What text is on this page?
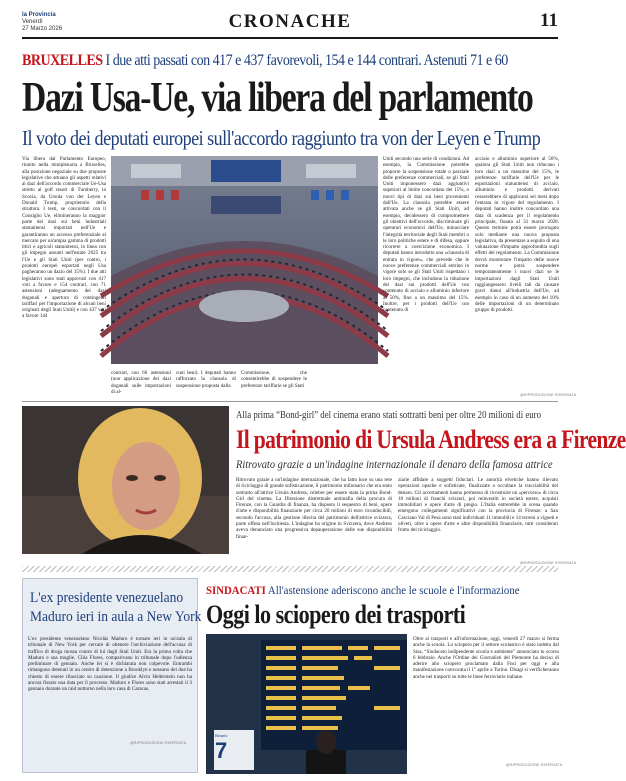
la Provincia
Venerdì
27 Marzo 2026	CRONACHE	11
BRUXELLES I due atti passati con 417 e 437 favorevoli, 154 e 144 contrari. Astenuti 71 e 60
Dazi Usa-Ue, via libera del parlamento
Il voto dei deputati europei sull'accordo raggiunto tra von der Leyen e Trump
Via libera dal Parlamento Europeo, riunito nella miniplenaria a Bruxelles, alla posizione negoziale su due proposte legislative che attuano gli aspetti relativi ai dazi dell'accordo commerciale Ue-Usa stretto al golf resort di Turnberry, in Scozia, da Ursula von der Leyen e Donald Trump, proprietario della struttura. I testi, se concordati con il Consiglio Ue, elimineranno la maggior parte dei dazi sui beni industriali statunitensi importati nell'Ue e garantiranno un accesso preferenziale al mercato per un'ampia gamma di prodotti ittici e agricoli statunitensi, in linea con gli impegni assunti nell'estate 2025 tra l'Ue e gli Stati Uniti (per contro, i prodotti europei esportati negli Usa pagheranno un dazio del 15%). I due atti legislativi sono stati approvati con 417 voti a favore e 154 contrari, con 71 astensioni (adeguamento dei dazi doganali e apertura di contingenti tariffari per l'importazione di alcuni beni originari degli Stati Uniti) e con 437 voti a favore 144
@RIPRODUZIONE RISERVATA
contrari, con 60 astensioni (non applicazione dei dazi doganali sulle importazioni di al-
cuni beni). I deputati hanno rafforzato la clausola di sospensione proposta dalla
Commissione, che consentirebbe di sospendere le preferenze tariffarie se gli Stati
Uniti secondo una serie di condizioni. Ad esempio, la Commissione potrebbe proporre la sospensione totale o parziale delle preferenze commerciali, se gli Stati Uniti imponessero dazi aggiuntivi superiori al limite concordato del 15%, o nuovi tipi di dazi sui beni provenienti dall'Ue. La clausola potrebbe essere attivata anche se gli Stati Uniti, ad esempio, decidessero di compromettere gli obiettivi dell'accordo, discriminare gli operatori economici dell'Ue, minacciare l'integrità territoriale degli Stati membri o le loro politiche estere e di difesa, oppure ricorrere a coercizione economica. I deputati hanno introdotto una «clausola di entrata in vigore», che prevede che le nuove preferenze commerciali entrino in vigore solo se gli Stati Uniti rispettano i loro impegni, che includono la riduzione dei dazi sui prodotti dell'Ue con contenuto di acciaio e alluminio inferiore al 50%, fino a un massimo del 15%. Inoltre, per i prodotti dell'Ue con contenuto di
acciaio e alluminio superiore al 50%, qualora gli Stati Uniti non riducano i loro dazi a un massimo del 15%, le preferenze tariffarie dell'Ue per le esportazioni statunitensi di acciaio, alluminio e prodotti derivati cesserebbero di applicarsi sei mesi dopo l'entrata in vigore del regolamento. I deputati hanno inoltre concordato una data di scadenza per il regolamento principale, fissata al 31 marzo 2028. Questo termine potrà essere prorogato solo mediante una nuova proposta legislativa, da presentare a seguito di una valutazione d'impatto approfondita sugli effetti del regolamento. La Commissione dovrà monitorare l'impatto delle nuove norme e potrà sospendere temporaneamente i nuovi dazi se le importazioni dagli Stati Uniti raggiungessero livelli tali da causare gravi danni all'industria dell'Ue, ad esempio in caso di un aumento del 10% delle importazioni di un determinato gruppo di prodotti.
Alla prima “Bond-girl” del cinema erano stati sottratti beni per oltre 20 milioni di euro
Il patrimonio di Ursula Andress era a Firenze
Ritrovato grazie a un'indagine internazionale il denaro della famosa attrice
Ritrovato grazie a un'indagine internazionale, che ha fatto luce su una rete di riciclaggio di grande sofisticazione, il patrimonio milionario che era stato sottratto all'attrice Ursula Andress, celebre per essere stata la prima Bond-Girl del cinema. La Direzione distrettuale antimafia della procura di Firenze, con la Guardia di finanza, ha disposto il sequestro di beni, opere d'arte e disponibilità finanziarie per circa 20 milioni di euro riconducibili, secondo l'accusa, alla gestione illecita del patrimonio dell'attrice svizzera, parte offesa nell'inchiesta. L'indagine ha origine in Svizzera, dove Andress aveva denunciato una progressiva depauperazione delle sue disponibilità finan-
ziarie affidate a soggetti fiduciari. Le autorità elvetiche hanno rilevato operazioni opache e sofisticate, finalizzate a occultare la tracciabilità del denaro. Gli accertamenti hanno permesso di ricostruire un «percorso» di circa 18 milioni di franchi svizzeri, poi reinvestiti in società estere, acquisti immobiliari e opere d'arte di pregio. L'Italia entrerebbe in scena quando emergono collegamenti significativi con la provincia di Firenze: a San Casciano Val di Pesa sono stati individuati 11 immobili e 14 terreni a vigneti e oliveti, oltre a opere d'arte e altre disponibilità finanziarie, tutti considerati frutto del riciclaggio.
@RIPRODUZIONE RISERVATA
L'ex presidente venezuelano
Maduro ieri in aula a New York
L'ex presidente venezuelano Nicolás Maduro è tornato ieri in un'aula di tribunale di New York per cercare di ottenere l'archiviazione dell'accusa di traffico di droga mossa contro di lui dagli Stati Uniti. Era la prima volta che Maduro e sua moglie, Cilia Flores, comparivano in tribunale dopo l'udienza preliminare di gennaio. Anche lei si è dichiarata non colpevole. Entrambi rimangono detenuti in un centro di detenzione a Brooklyn e nessuno dei due ha chiesto di essere rilasciato su cauzione. Il giudice Alvin Hellerstein non ha ancora fissato una data per il processo. Maduro e Flores sono stati arrestati il 3 gennaio durante un raid notturno nella loro casa di Caracas.
@RIPRODUZIONE RISERVATA
SINDACATI All'astensione aderiscono anche le scuole e l'informazione
Oggi lo sciopero dei trasporti
Binario
7
Oltre ai trasporti e all'informazione, oggi, venerdì 27 marzo si ferma anche la scuola. Lo sciopero per il settore scolastico è stato indetto dal Sisa, “Sindacato indipendente scuola e ambiente” annunciato lo scorso 6 febbraio. Anche l'Ordine dei Giornalisti del Piemonte ha deciso di aderire allo sciopero proclamato dalla Fnsi per oggi e alla manifestazione convocata il 1° aprile a Torino. Disagi si verificheranno anche nei trasporti su tutte le linee ferroviarie italiane.
@RIPRODUZIONE RISERVATA
